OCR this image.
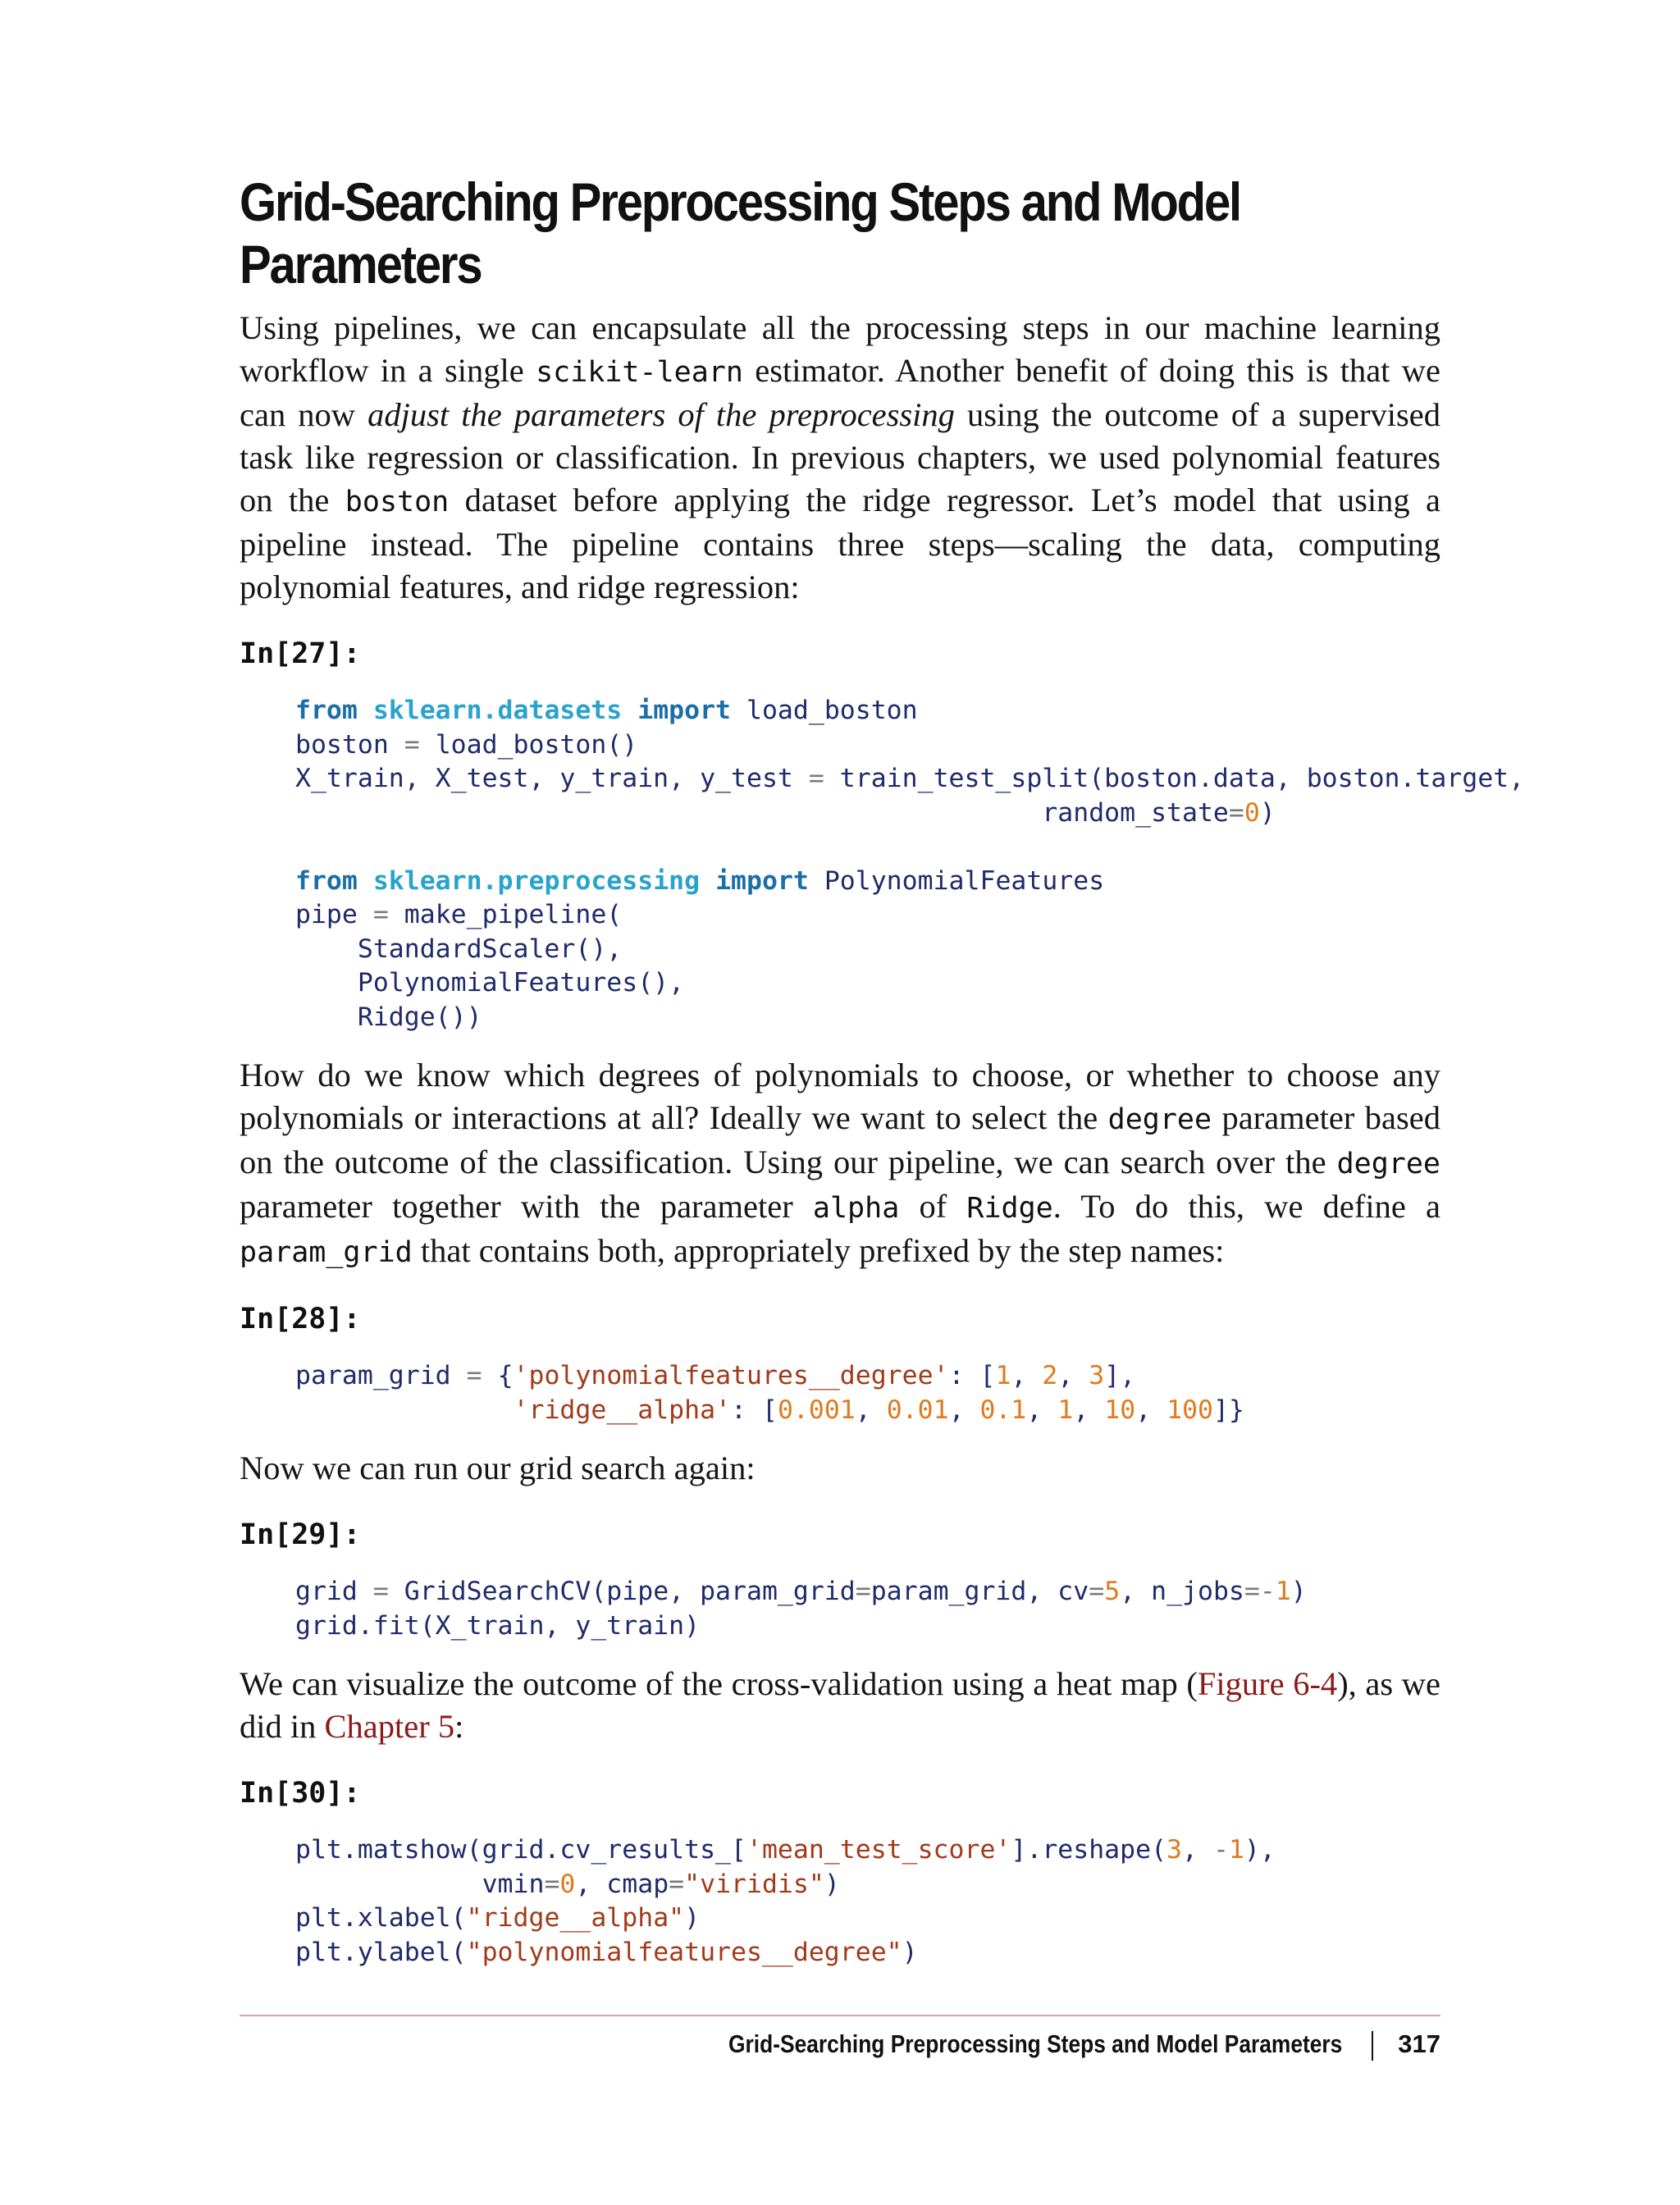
Grid-Searching Preprocessing Steps and Model Parameters

Using pipelines, we can encapsulate all the processing steps in our machine learning workflow in a single scikit-learn estimator. Another benefit of doing this is that we can now adjust the parameters of the preprocessing using the outcome of a supervised task like regression or classification. In previous chapters, we used polynomial features on the boston dataset before applying the ridge regressor. Let’s model that using a pipeline instead. The pipeline contains three steps—scaling the data, computing polynomial features, and ridge regression:

In[27]:
from sklearn.datasets import load_boston
boston = load_boston()
X_train, X_test, y_train, y_test = train_test_split(boston.data, boston.target,
random_state=0)

from sklearn.preprocessing import PolynomialFeatures
pipe = make_pipeline(
StandardScaler(),
PolynomialFeatures(),
Ridge())

How do we know which degrees of polynomials to choose, or whether to choose any polynomials or interactions at all? Ideally we want to select the degree parameter based on the outcome of the classification. Using our pipeline, we can search over the degree parameter together with the parameter alpha of Ridge. To do this, we define a param_grid that contains both, appropriately prefixed by the step names:

In[28]:
param_grid = {'polynomialfeatures__degree': [1, 2, 3],
'ridge__alpha': [0.001, 0.01, 0.1, 1, 10, 100]}

Now we can run our grid search again:

In[29]:
grid = GridSearchCV(pipe, param_grid=param_grid, cv=5, n_jobs=-1)
grid.fit(X_train, y_train)

We can visualize the outcome of the cross-validation using a heat map (Figure 6-4), as we did in Chapter 5:

In[30]:
plt.matshow(grid.cv_results_['mean_test_score'].reshape(3, -1),
vmin=0, cmap="viridis")
plt.xlabel("ridge__alpha")
plt.ylabel("polynomialfeatures__degree")
Grid-Searching Preprocessing Steps and Model Parameters 317
